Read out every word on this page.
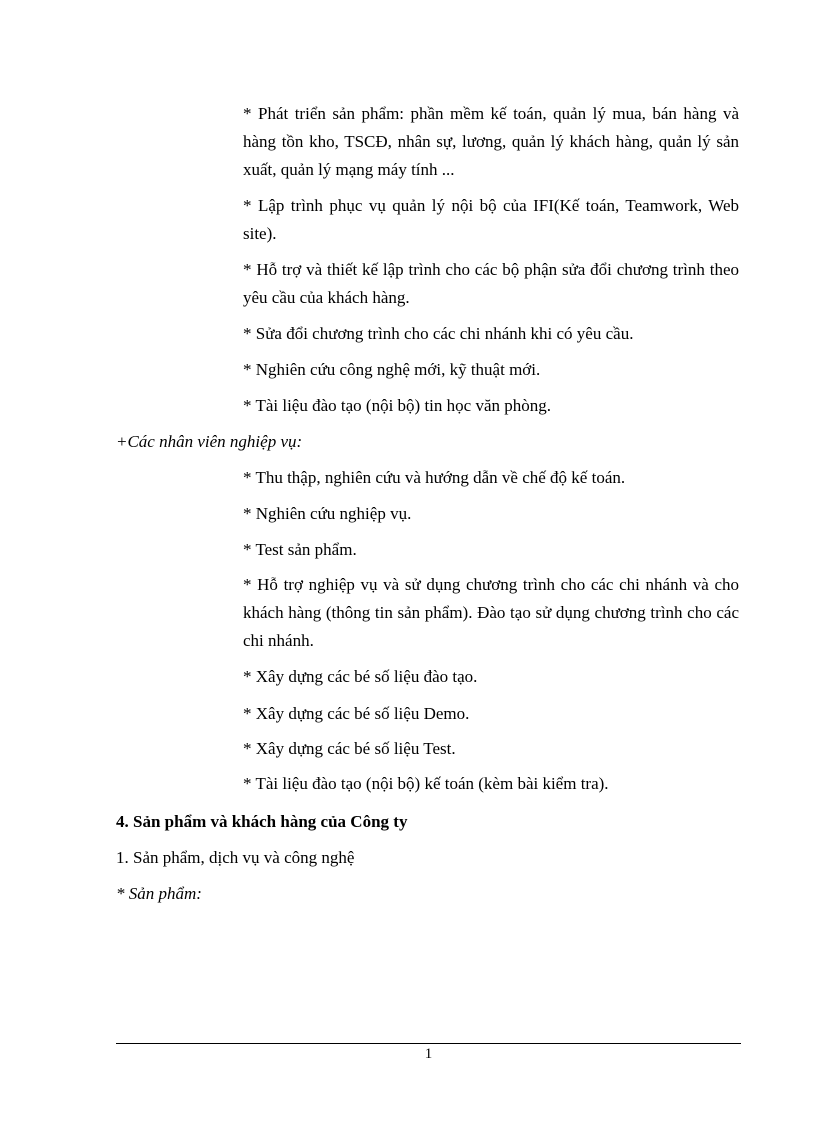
* Phát triển sản phẩm: phần mềm kế toán, quản lý mua, bán hàng và hàng tồn kho, TSCĐ, nhân sự, lương, quản lý khách hàng, quản lý sản xuất, quản lý mạng máy tính ...

* Lập trình phục vụ quản lý nội bộ của IFI(Kế toán, Teamwork, Web site).

* Hỗ trợ và thiết kế lập trình cho các bộ phận sửa đổi chương trình theo yêu cầu của khách hàng.

* Sửa đổi chương trình cho các chi nhánh khi có yêu cầu.

* Nghiên cứu công nghệ mới, kỹ thuật mới.

* Tài liệu đào tạo (nội bộ) tin học văn phòng.

+Các nhân viên nghiệp vụ:

* Thu thập, nghiên cứu và hướng dẫn về chế độ kế toán.

* Nghiên cứu nghiệp vụ.

* Test sản phẩm.

* Hỗ trợ nghiệp vụ và sử dụng chương trình cho các chi nhánh và cho khách hàng (thông tin sản phẩm). Đào tạo sử dụng chương trình cho các chi nhánh.

* Xây dựng các bé số liệu đào tạo.

* Xây dựng các bé số liệu Demo.

* Xây dựng các bé số liệu Test.

* Tài liệu đào tạo (nội bộ) kế toán (kèm bài kiểm tra).

4. Sản phẩm và khách hàng của Công ty

1. Sản phẩm, dịch vụ và công nghệ

* Sản phẩm:

1
